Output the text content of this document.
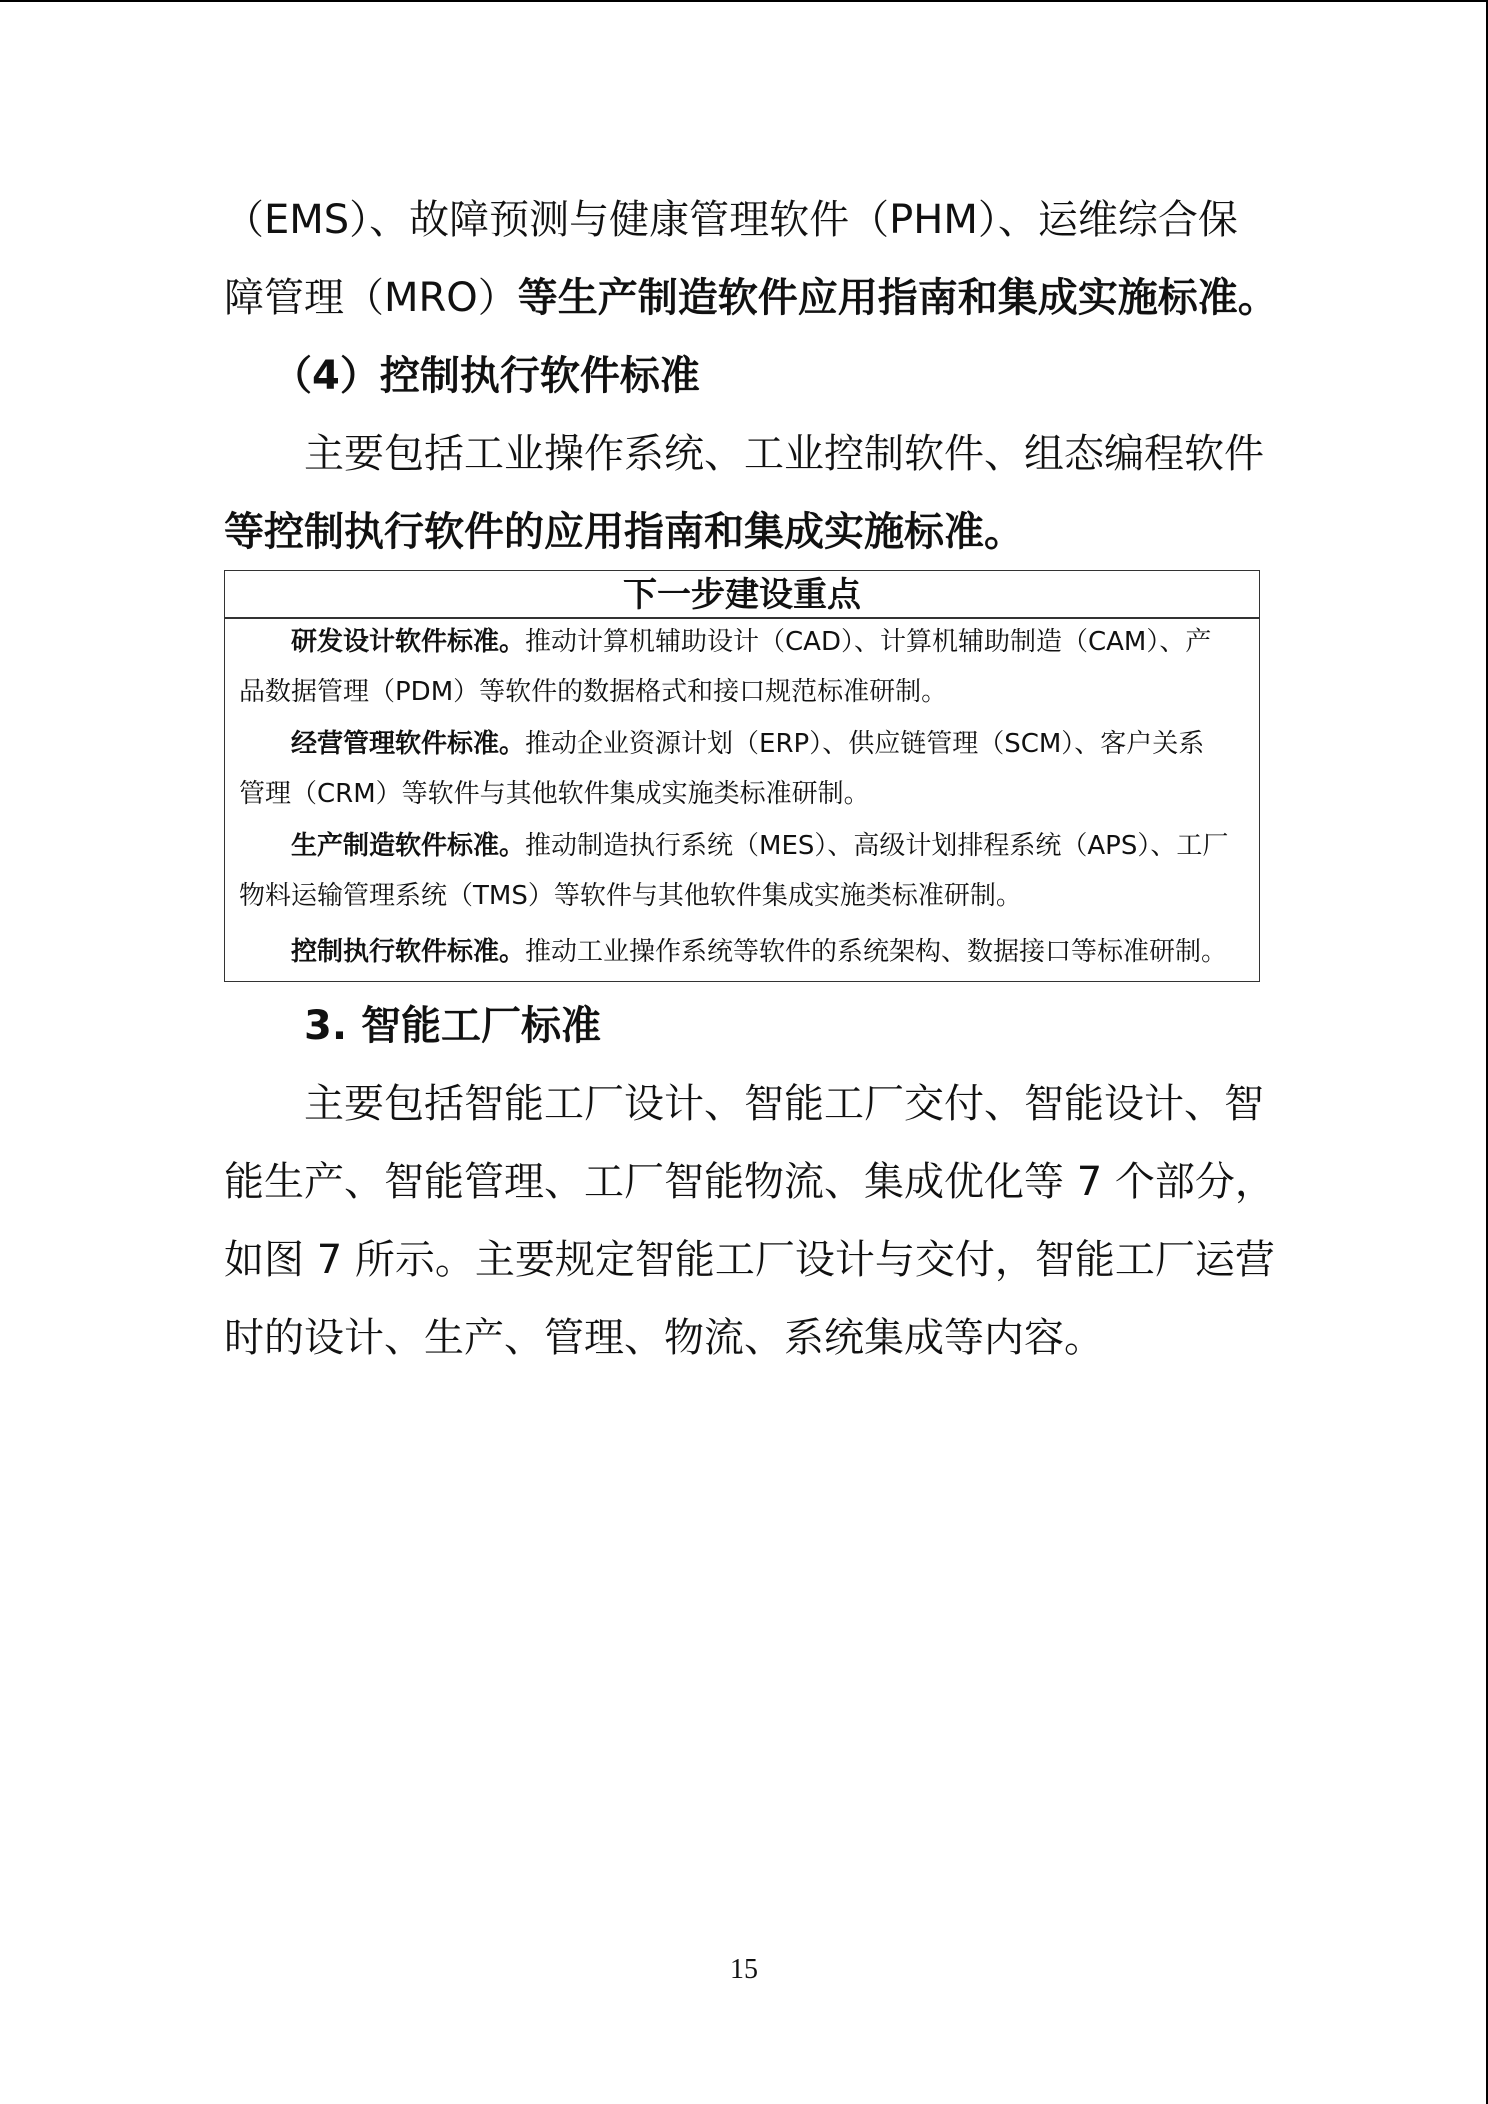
（EMS）、故障预测与健康管理软件（PHM）、运维综合保
障管理（MRO）等生产制造软件应用指南和集成实施标准。
（4）控制执行软件标准
主要包括工业操作系统、工业控制软件、组态编程软件
等控制执行软件的应用指南和集成实施标准。
下一步建设重点
研发设计软件标准。推动计算机辅助设计（CAD）、计算机辅助制造（CAM）、产
品数据管理（PDM）等软件的数据格式和接口规范标准研制。
经营管理软件标准。推动企业资源计划（ERP）、供应链管理（SCM）、客户关系
管理（CRM）等软件与其他软件集成实施类标准研制。
生产制造软件标准。推动制造执行系统（MES）、高级计划排程系统（APS）、工厂
物料运输管理系统（TMS）等软件与其他软件集成实施类标准研制。
控制执行软件标准。推动工业操作系统等软件的系统架构、数据接口等标准研制。
3. 智能工厂标准
主要包括智能工厂设计、智能工厂交付、智能设计、智
能生产、智能管理、工厂智能物流、集成优化等 7 个部分，
如图 7 所示。主要规定智能工厂设计与交付，智能工厂运营
时的设计、生产、管理、物流、系统集成等内容。
15
